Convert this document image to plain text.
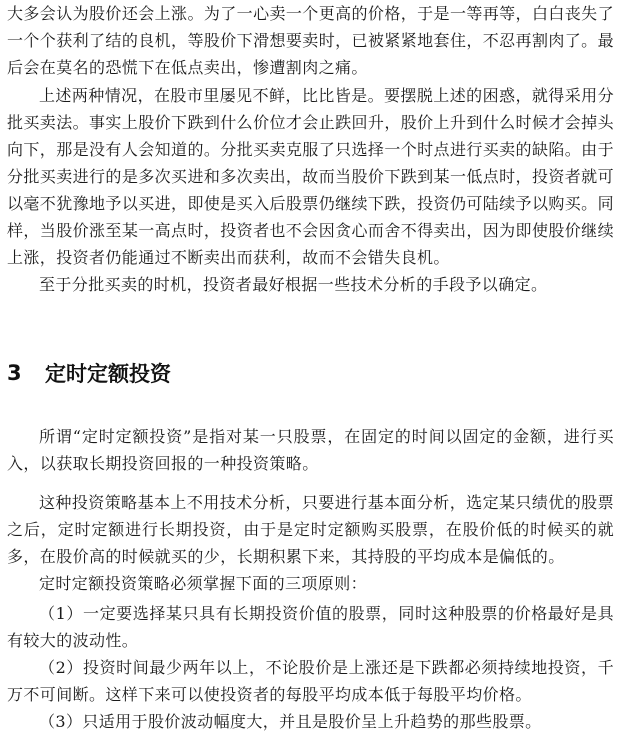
大多会认为股价还会上涨。为了一心卖一个更高的价格，于是一等再等，白白丧失了一个个获利了结的良机，等股价下滑想要卖时，已被紧紧地套住，不忍再割肉了。最后会在莫名的恐慌下在低点卖出，惨遭割肉之痛。

上述两种情况，在股市里屡见不鲜，比比皆是。要摆脱上述的困惑，就得采用分批买卖法。事实上股价下跌到什么价位才会止跌回升，股价上升到什么时候才会掉头向下，那是没有人会知道的。分批买卖克服了只选择一个时点进行买卖的缺陷。由于分批买卖进行的是多次买进和多次卖出，故而当股价下跌到某一低点时，投资者就可以毫不犹豫地予以买进，即使是买入后股票仍继续下跌，投资仍可陆续予以购买。同样，当股价涨至某一高点时，投资者也不会因贪心而舍不得卖出，因为即使股价继续上涨，投资者仍能通过不断卖出而获利，故而不会错失良机。

至于分批买卖的时机，投资者最好根据一些技术分析的手段予以确定。

3	定时定额投资

所谓“定时定额投资”是指对某一只股票，在固定的时间以固定的金额，进行买入，以获取长期投资回报的一种投资策略。

这种投资策略基本上不用技术分析，只要进行基本面分析，选定某只绩优的股票之后，定时定额进行长期投资，由于是定时定额购买股票，在股价低的时候买的就多，在股价高的时候就买的少，长期积累下来，其持股的平均成本是偏低的。

定时定额投资策略必须掌握下面的三项原则：

（1）一定要选择某只具有长期投资价值的股票，同时这种股票的价格最好是具有较大的波动性。

（2）投资时间最少两年以上，不论股价是上涨还是下跌都必须持续地投资，千万不可间断。这样下来可以使投资者的每股平均成本低于每股平均价格。

（3）只适用于股价波动幅度大，并且是股价呈上升趋势的那些股票。
